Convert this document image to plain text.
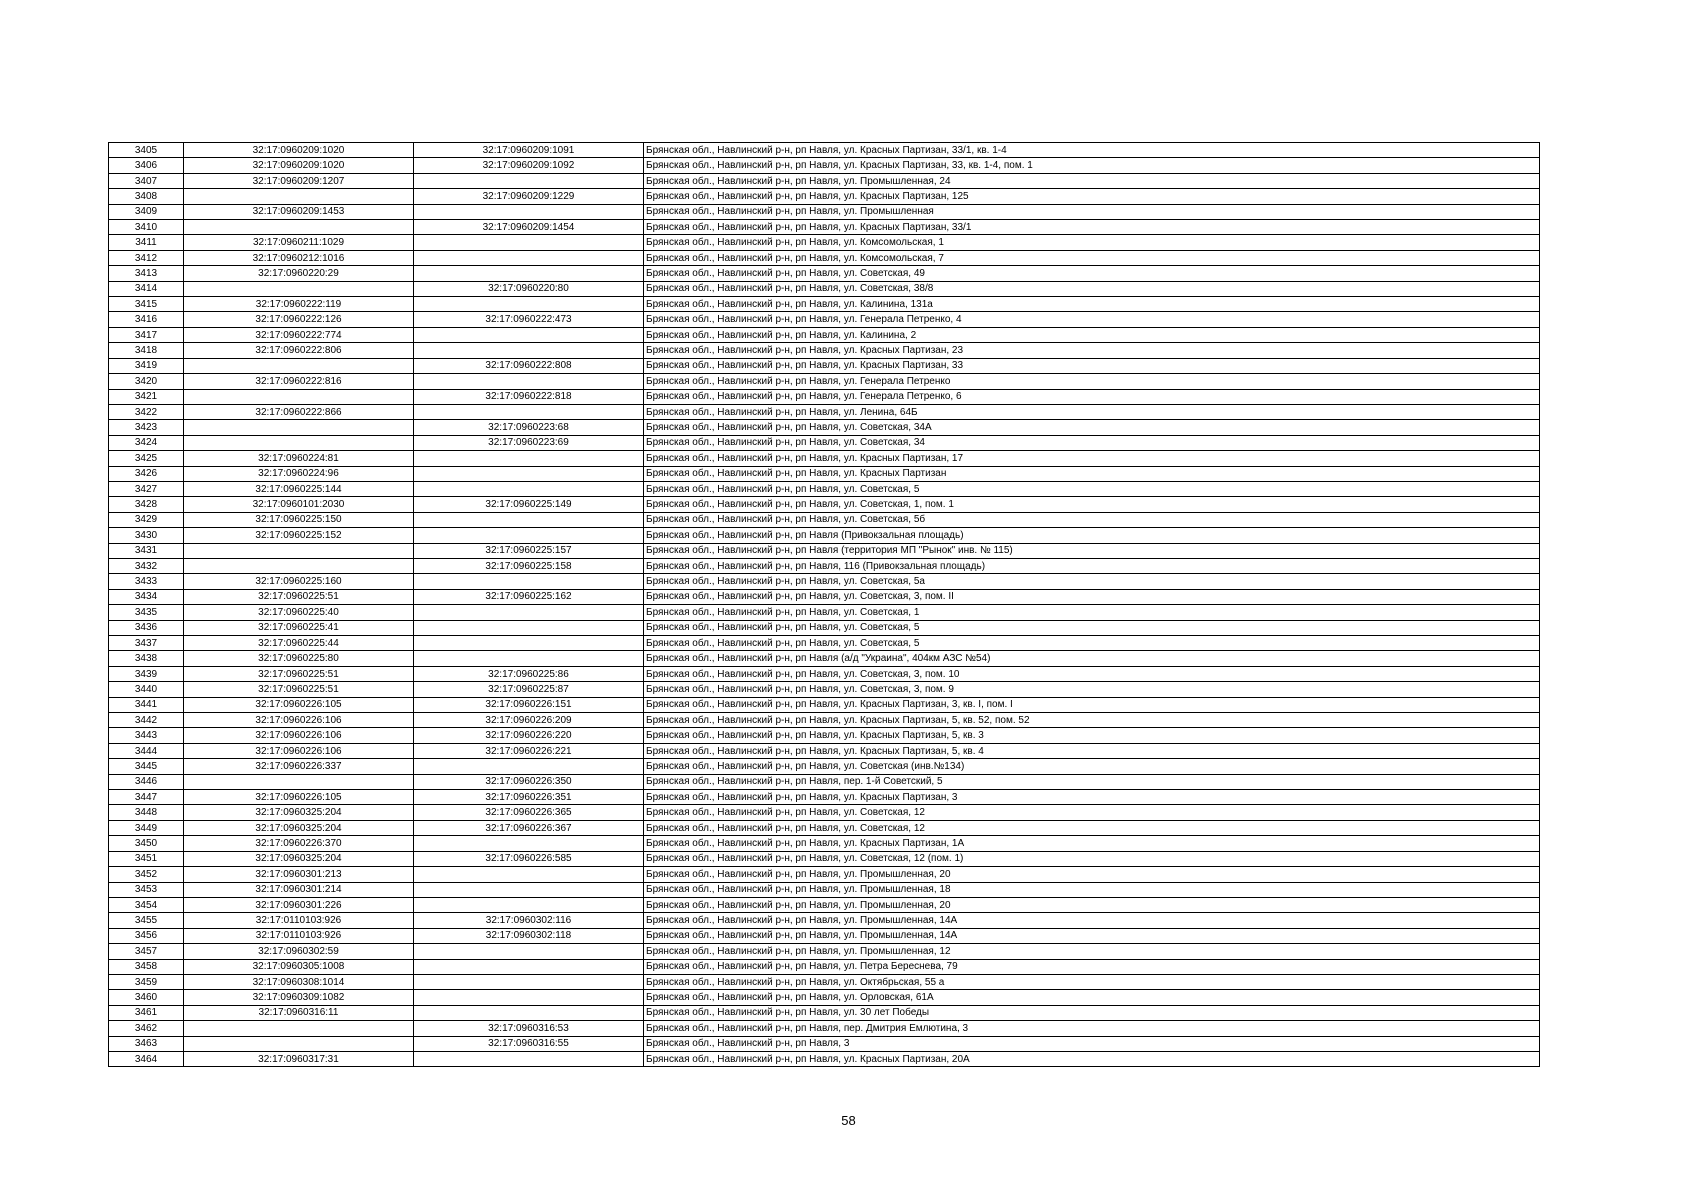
3405	32:17:0960209:1020	32:17:0960209:1091	Брянская обл., Навлинский р-н, рп Навля, ул. Красных Партизан, 33/1, кв. 1-4
3406	32:17:0960209:1020	32:17:0960209:1092	Брянская обл., Навлинский р-н, рп Навля, ул. Красных Партизан, 33, кв. 1-4, пом. 1
3407	32:17:0960209:1207		Брянская обл., Навлинский р-н, рп Навля, ул. Промышленная, 24
3408		32:17:0960209:1229	Брянская обл., Навлинский р-н, рп Навля, ул. Красных Партизан, 125
3409	32:17:0960209:1453		Брянская обл., Навлинский р-н, рп Навля, ул. Промышленная
3410		32:17:0960209:1454	Брянская обл., Навлинский р-н, рп Навля, ул. Красных Партизан, 33/1
3411	32:17:0960211:1029		Брянская обл., Навлинский р-н, рп Навля, ул. Комсомольская, 1
3412	32:17:0960212:1016		Брянская обл., Навлинский р-н, рп Навля, ул. Комсомольская, 7
3413	32:17:0960220:29		Брянская обл., Навлинский р-н, рп Навля, ул. Советская, 49
3414		32:17:0960220:80	Брянская обл., Навлинский р-н, рп Навля, ул. Советская, 38/8
3415	32:17:0960222:119		Брянская обл., Навлинский р-н, рп Навля, ул. Калинина, 131а
3416	32:17:0960222:126	32:17:0960222:473	Брянская обл., Навлинский р-н, рп Навля, ул. Генерала Петренко, 4
3417	32:17:0960222:774		Брянская обл., Навлинский р-н, рп Навля, ул. Калинина, 2
3418	32:17:0960222:806		Брянская обл., Навлинский р-н, рп Навля, ул. Красных Партизан, 23
3419		32:17:0960222:808	Брянская обл., Навлинский р-н, рп Навля, ул. Красных Партизан, 33
3420	32:17:0960222:816		Брянская обл., Навлинский р-н, рп Навля, ул. Генерала Петренко
3421		32:17:0960222:818	Брянская обл., Навлинский р-н, рп Навля, ул. Генерала Петренко, 6
3422	32:17:0960222:866		Брянская обл., Навлинский р-н, рп Навля, ул. Ленина, 64Б
3423		32:17:0960223:68	Брянская обл., Навлинский р-н, рп Навля, ул. Советская, 34А
3424		32:17:0960223:69	Брянская обл., Навлинский р-н, рп Навля, ул. Советская, 34
3425	32:17:0960224:81		Брянская обл., Навлинский р-н, рп Навля, ул. Красных Партизан, 17
3426	32:17:0960224:96		Брянская обл., Навлинский р-н, рп Навля, ул. Красных Партизан
3427	32:17:0960225:144		Брянская обл., Навлинский р-н, рп Навля, ул. Советская, 5
3428	32:17:0960101:2030	32:17:0960225:149	Брянская обл., Навлинский р-н, рп Навля, ул. Советская, 1, пом. 1
3429	32:17:0960225:150		Брянская обл., Навлинский р-н, рп Навля, ул. Советская, 5б
3430	32:17:0960225:152		Брянская обл., Навлинский р-н, рп Навля (Привокзальная площадь)
3431		32:17:0960225:157	Брянская обл., Навлинский р-н, рп Навля (территория МП "Рынок" инв. № 115)
3432		32:17:0960225:158	Брянская обл., Навлинский р-н, рп Навля, 116 (Привокзальная площадь)
3433	32:17:0960225:160		Брянская обл., Навлинский р-н, рп Навля, ул. Советская, 5а
3434	32:17:0960225:51	32:17:0960225:162	Брянская обл., Навлинский р-н, рп Навля, ул. Советская, 3, пом. II
3435	32:17:0960225:40		Брянская обл., Навлинский р-н, рп Навля, ул. Советская, 1
3436	32:17:0960225:41		Брянская обл., Навлинский р-н, рп Навля, ул. Советская, 5
3437	32:17:0960225:44		Брянская обл., Навлинский р-н, рп Навля, ул. Советская, 5
3438	32:17:0960225:80		Брянская обл., Навлинский р-н, рп Навля (а/д "Украина", 404км АЗС №54)
3439	32:17:0960225:51	32:17:0960225:86	Брянская обл., Навлинский р-н, рп Навля, ул. Советская, 3, пом. 10
3440	32:17:0960225:51	32:17:0960225:87	Брянская обл., Навлинский р-н, рп Навля, ул. Советская, 3, пом. 9
3441	32:17:0960226:105	32:17:0960226:151	Брянская обл., Навлинский р-н, рп Навля, ул. Красных Партизан, 3, кв. I, пом. I
3442	32:17:0960226:106	32:17:0960226:209	Брянская обл., Навлинский р-н, рп Навля, ул. Красных Партизан, 5, кв. 52, пом. 52
3443	32:17:0960226:106	32:17:0960226:220	Брянская обл., Навлинский р-н, рп Навля, ул. Красных Партизан, 5, кв. 3
3444	32:17:0960226:106	32:17:0960226:221	Брянская обл., Навлинский р-н, рп Навля, ул. Красных Партизан, 5, кв. 4
3445	32:17:0960226:337		Брянская обл., Навлинский р-н, рп Навля, ул. Советская (инв.№134)
3446		32:17:0960226:350	Брянская обл., Навлинский р-н, рп Навля, пер. 1-й Советский, 5
3447	32:17:0960226:105	32:17:0960226:351	Брянская обл., Навлинский р-н, рп Навля, ул. Красных Партизан, 3
3448	32:17:0960325:204	32:17:0960226:365	Брянская обл., Навлинский р-н, рп Навля, ул. Советская, 12
3449	32:17:0960325:204	32:17:0960226:367	Брянская обл., Навлинский р-н, рп Навля, ул. Советская, 12
3450	32:17:0960226:370		Брянская обл., Навлинский р-н, рп Навля, ул. Красных Партизан, 1А
3451	32:17:0960325:204	32:17:0960226:585	Брянская обл., Навлинский р-н, рп Навля, ул. Советская, 12 (пом. 1)
3452	32:17:0960301:213		Брянская обл., Навлинский р-н, рп Навля, ул. Промышленная, 20
3453	32:17:0960301:214		Брянская обл., Навлинский р-н, рп Навля, ул. Промышленная, 18
3454	32:17:0960301:226		Брянская обл., Навлинский р-н, рп Навля, ул. Промышленная, 20
3455	32:17:0110103:926	32:17:0960302:116	Брянская обл., Навлинский р-н, рп Навля, ул. Промышленная, 14А
3456	32:17:0110103:926	32:17:0960302:118	Брянская обл., Навлинский р-н, рп Навля, ул. Промышленная, 14А
3457	32:17:0960302:59		Брянская обл., Навлинский р-н, рп Навля, ул. Промышленная, 12
3458	32:17:0960305:1008		Брянская обл., Навлинский р-н, рп Навля, ул. Петра Береснева, 79
3459	32:17:0960308:1014		Брянская обл., Навлинский р-н, рп Навля, ул. Октябрьская, 55 а
3460	32:17:0960309:1082		Брянская обл., Навлинский р-н, рп Навля, ул. Орловская, 61А
3461	32:17:0960316:11		Брянская обл., Навлинский р-н, рп Навля, ул. 30 лет Победы
3462		32:17:0960316:53	Брянская обл., Навлинский р-н, рп Навля, пер. Дмитрия Емлютина, 3
3463		32:17:0960316:55	Брянская обл., Навлинский р-н, рп Навля, 3
3464	32:17:0960317:31		Брянская обл., Навлинский р-н, рп Навля, ул. Красных Партизан, 20А
58
